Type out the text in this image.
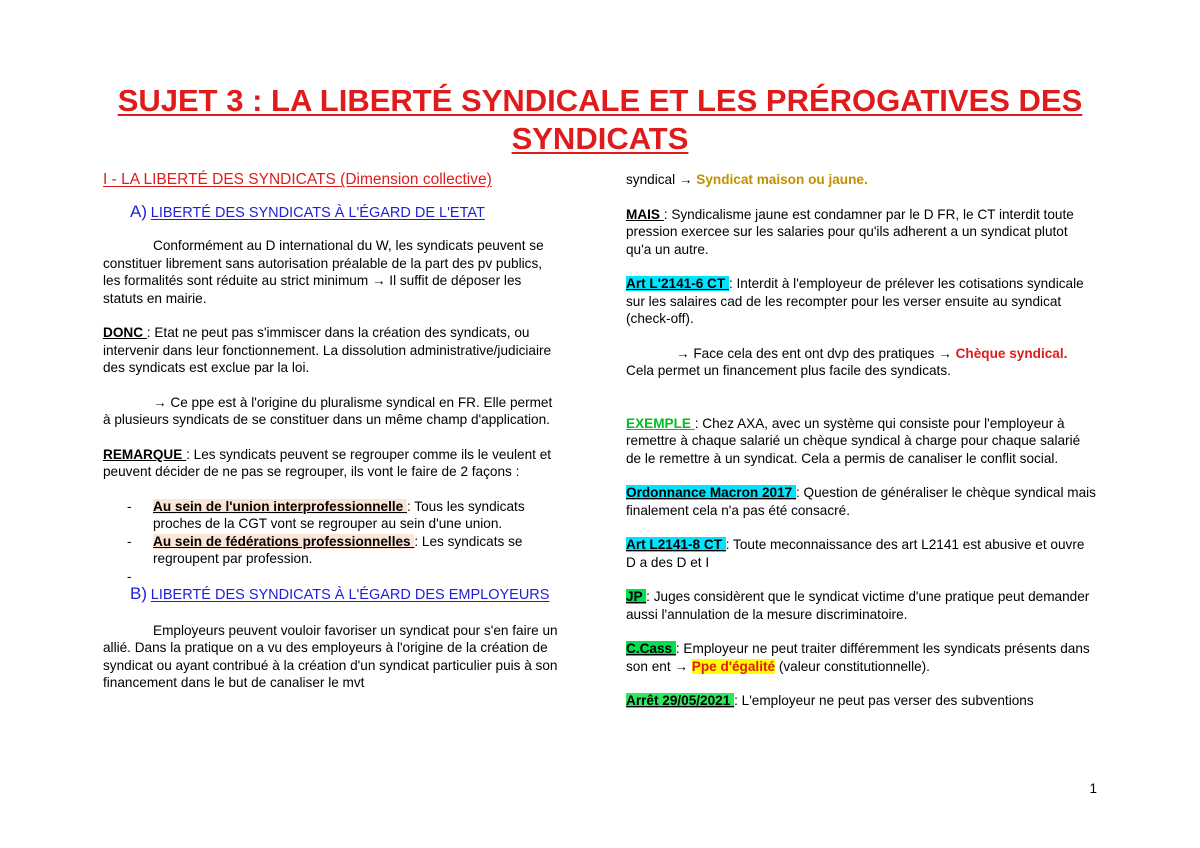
SUJET 3 : LA LIBERTÉ SYNDICALE ET LES PRÉROGATIVES DES SYNDICATS

I - LA LIBERTÉ DES SYNDICATS (Dimension collective)

A) LIBERTÉ DES SYNDICATS À L'ÉGARD DE L'ETAT

Conformément au D international du W, les syndicats peuvent se constituer librement sans autorisation préalable de la part des pv publics, les formalités sont réduite au strict minimum → Il suffit de déposer les statuts en mairie.

DONC : Etat ne peut pas s'immiscer dans la création des syndicats, ou intervenir dans leur fonctionnement. La dissolution administrative/judiciaire des syndicats est exclue par la loi.

→ Ce ppe est à l'origine du pluralisme syndical en FR. Elle permet à plusieurs syndicats de se constituer dans un même champ d'application.

REMARQUE : Les syndicats peuvent se regrouper comme ils le veulent et peuvent décider de ne pas se regrouper, ils vont le faire de 2 façons :

-	Au sein de l'union interprofessionnelle : Tous les syndicats proches de la CGT vont se regrouper au sein d'une union.
-	Au sein de fédérations professionnelles : Les syndicats se regroupent par profession.
-

B) LIBERTÉ DES SYNDICATS À L'ÉGARD DES EMPLOYEURS

Employeurs peuvent vouloir favoriser un syndicat pour s'en faire un allié. Dans la pratique on a vu des employeurs à l'origine de la création de syndicat ou ayant contribué à la création d'un syndicat particulier puis à son financement dans le but de canaliser le mvt

syndical → Syndicat maison ou jaune.

MAIS : Syndicalisme jaune est condamner par le D FR, le CT interdit toute pression exercee sur les salaries pour qu'ils adherent a un syndicat plutot qu'a un autre.

Art L'2141-6 CT : Interdit à l'employeur de prélever les cotisations syndicale sur les salaires cad de les recompter pour les verser ensuite au syndicat (check-off).

→ Face cela des ent ont dvp des pratiques → Chèque syndical.

Cela permet un financement plus facile des syndicats.

EXEMPLE : Chez AXA, avec un système qui consiste pour l'employeur à remettre à chaque salarié un chèque syndical à charge pour chaque salarié de le remettre à un syndicat. Cela a permis de canaliser le conflit social.

Ordonnance Macron 2017 : Question de généraliser le chèque syndical mais finalement cela n'a pas été consacré.

Art L2141-8 CT : Toute meconnaissance des art L2141 est abusive et ouvre D a des D et I

JP : Juges considèrent que le syndicat victime d'une pratique peut demander aussi l'annulation de la mesure discriminatoire.

C.Cass : Employeur ne peut traiter différemment les syndicats présents dans son ent → Ppe d'égalité (valeur constitutionnelle).

Arrêt 29/05/2021 : L'employeur ne peut pas verser des subventions

1
